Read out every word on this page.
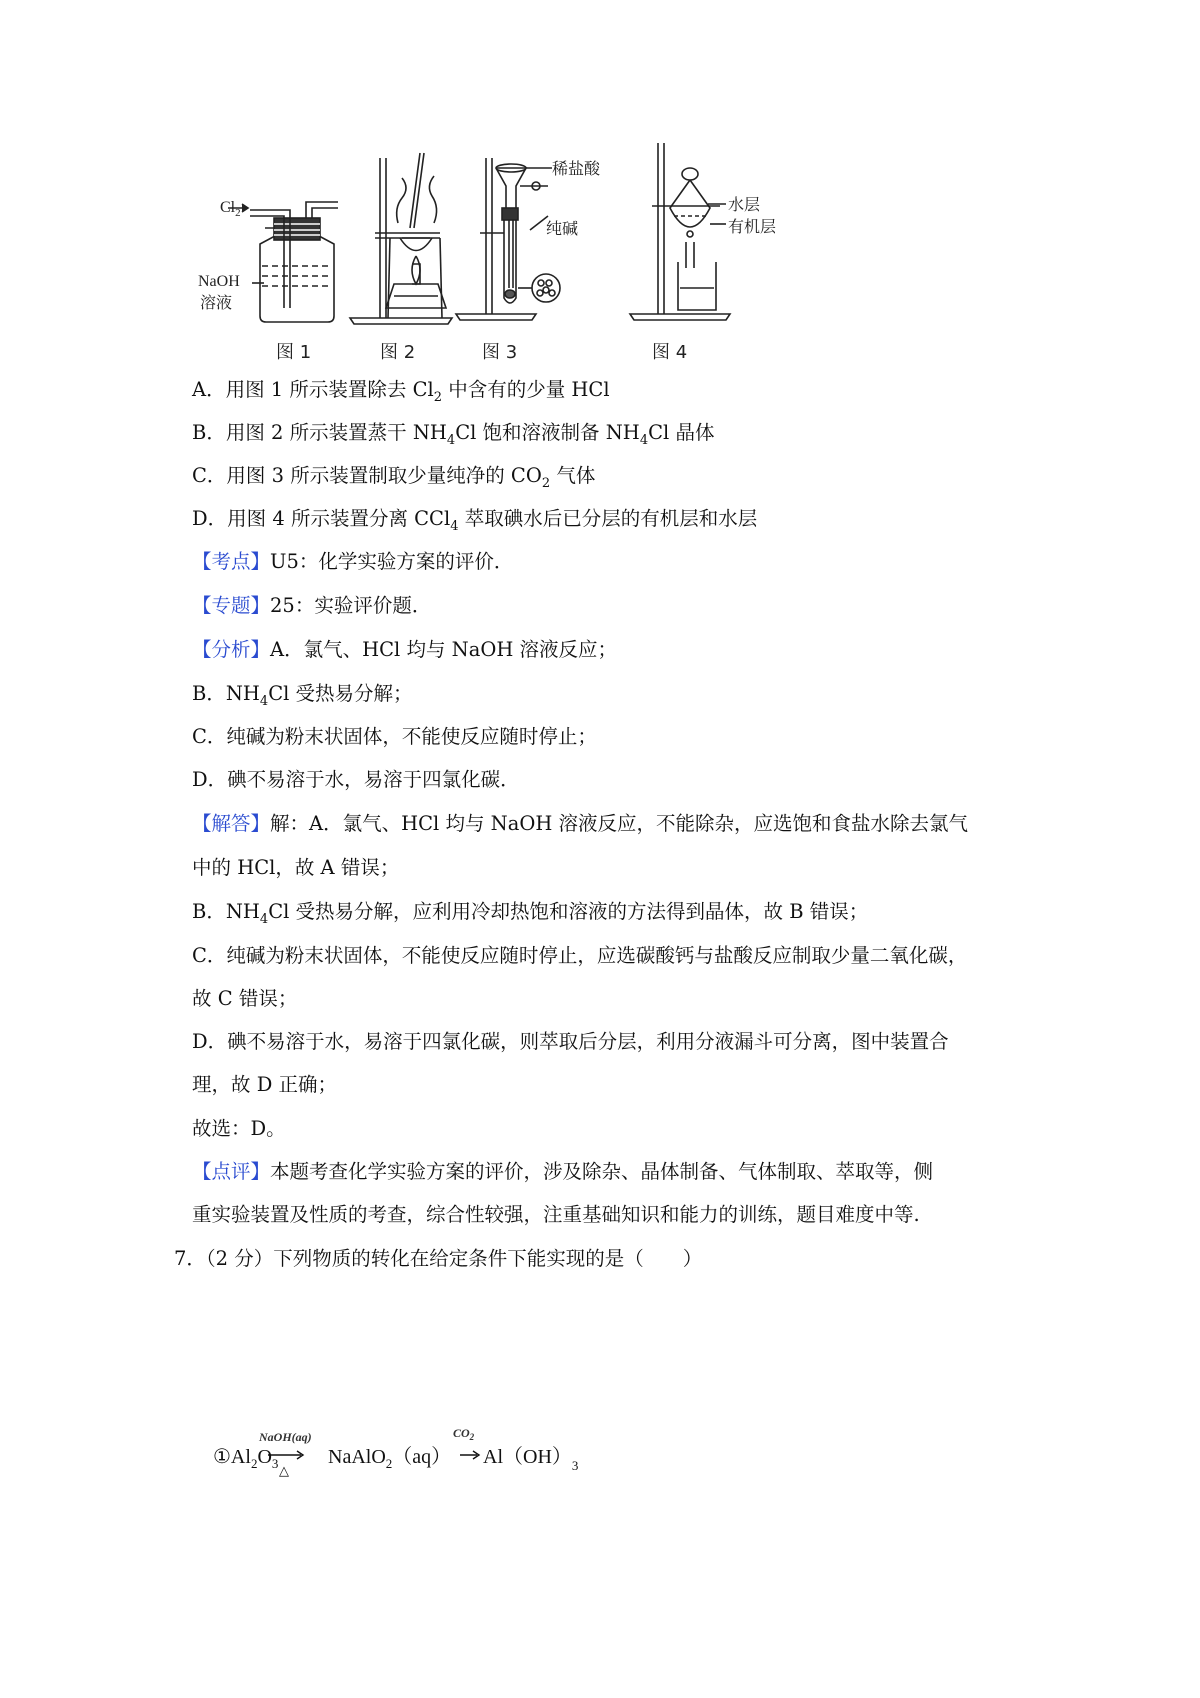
$Cl_2$
NaOH
溶液
稀盐酸
纯碱
水层
有机层
图 1	图 2	图 3	图 4
A．用图 1 所示装置除去 $Cl_2$ 中含有的少量 HCl
B．用图 2 所示装置蒸干 $NH_4Cl$ 饱和溶液制备 $NH_4Cl$ 晶体
C．用图 3 所示装置制取少量纯净的 $CO_2$ 气体
D．用图 4 所示装置分离 CCl$_4$ 萃取碘水后已分层的有机层和水层
【考点】U5：化学实验方案的评价．
【专题】25：实验评价题．
【分析】A．氯气、HCl 均与 NaOH 溶液反应；
B．$NH_4Cl$ 受热易分解；
C．纯碱为粉末状固体，不能使反应随时停止；
D．碘不易溶于水，易溶于四氯化碳．
【解答】解：A．氯气、HCl 均与 NaOH 溶液反应，不能除杂，应选饱和食盐水除去氯气
中的 HCl，故 A 错误；
B．$NH_4Cl$ 受热易分解，应利用冷却热饱和溶液的方法得到晶体，故 B 错误；
C．纯碱为粉末状固体，不能使反应随时停止，应选碳酸钙与盐酸反应制取少量二氧化碳，
故 C 错误；
D．碘不易溶于水，易溶于四氯化碳，则萃取后分层，利用分液漏斗可分离，图中装置合
理，故 D 正确；
故选：D。
【点评】本题考查化学实验方案的评价，涉及除杂、晶体制备、气体制取、萃取等，侧
重实验装置及性质的考查，综合性较强，注重基础知识和能力的训练，题目难度中等.
7．（2 分）下列物质的转化在给定条件下能实现的是（　　）
$①Al_2O_3$
NaOH(aq)
△
NaAlO$_2$（aq）
$CO_2$
$Al(OH)_3$
